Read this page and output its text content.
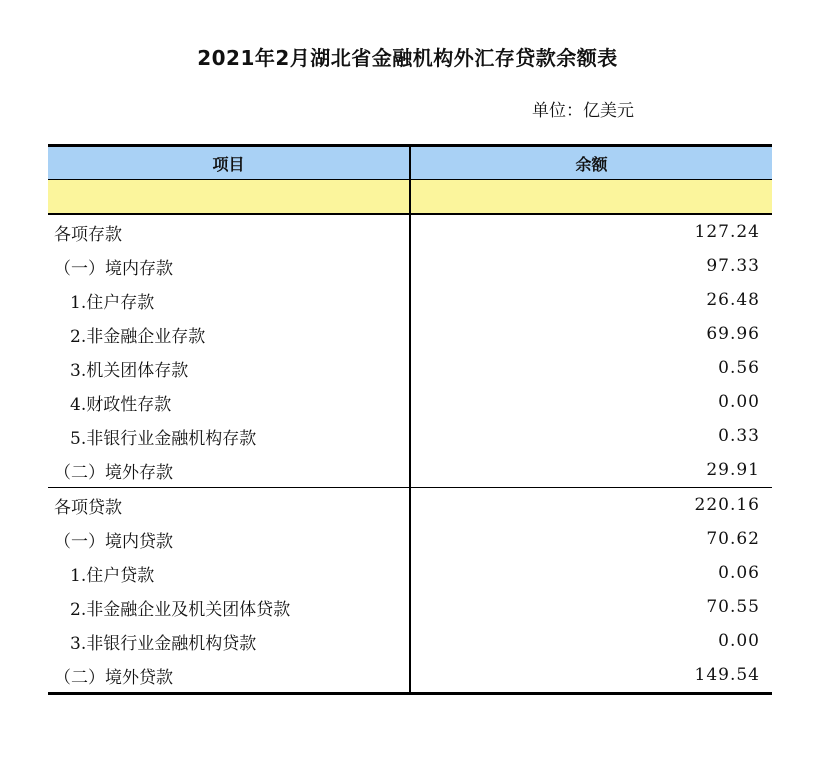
2021年2月湖北省金融机构外汇存贷款余额表
单位：亿美元
项目	余额

各项存款	127.24
（一）境内存款	97.33
1.住户存款	26.48
2.非金融企业存款	69.96
3.机关团体存款	0.56
4.财政性存款	0.00
5.非银行业金融机构存款	0.33
（二）境外存款	29.91
各项贷款	220.16
（一）境内贷款	70.62
1.住户贷款	0.06
2.非金融企业及机关团体贷款	70.55
3.非银行业金融机构贷款	0.00
（二）境外贷款	149.54
